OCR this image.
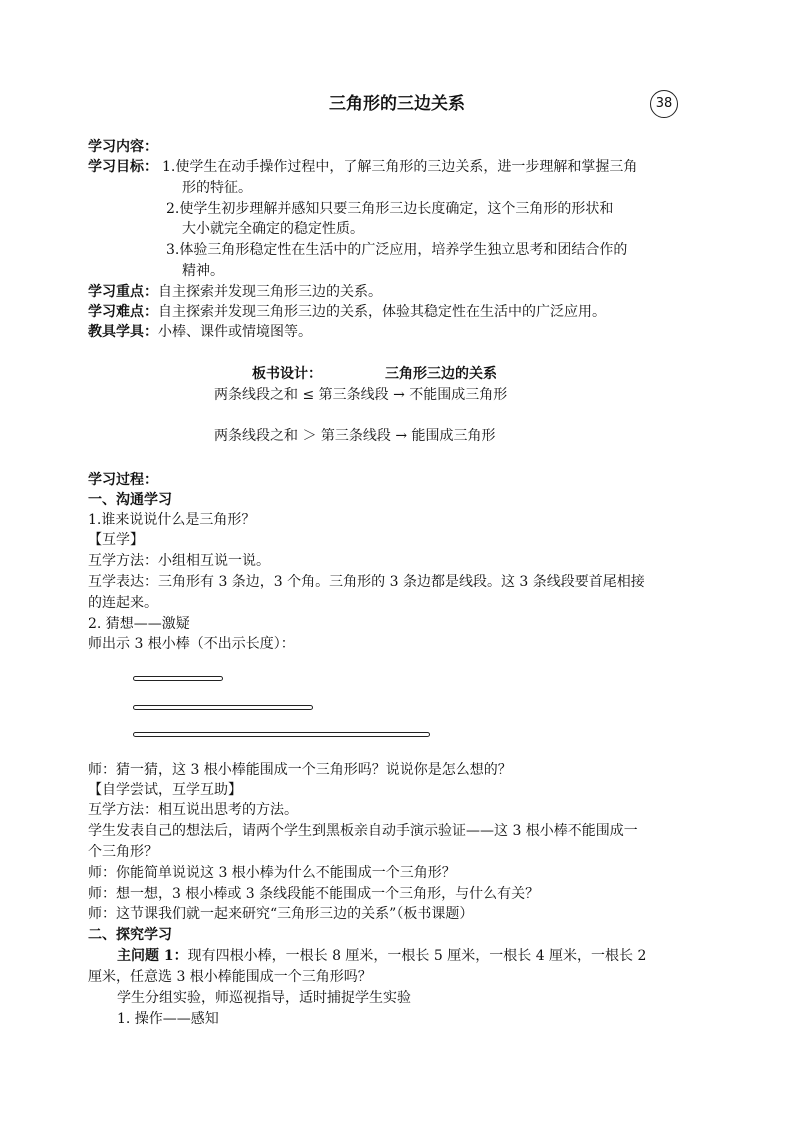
三角形的三边关系	38
学习内容：
学习目标： 1.使学生在动手操作过程中，了解三角形的三边关系，进一步理解和掌握三角
形的特征。
2.使学生初步理解并感知只要三角形三边长度确定，这个三角形的形状和
大小就完全确定的稳定性质。
3.体验三角形稳定性在生活中的广泛应用，培养学生独立思考和团结合作的
精神。
学习重点：自主探索并发现三角形三边的关系。
学习难点：自主探索并发现三角形三边的关系，体验其稳定性在生活中的广泛应用。
教具学具：小棒、课件或情境图等。
板书设计：	三角形三边的关系
两条线段之和 ≤ 第三条线段 → 不能围成三角形
两条线段之和 ＞ 第三条线段 → 能围成三角形
学习过程：
一、沟通学习
1.谁来说说什么是三角形？
【互学】
互学方法：小组相互说一说。
互学表达：三角形有 3 条边，3 个角。三角形的 3 条边都是线段。这 3 条线段要首尾相接
的连起来。
2. 猜想——激疑
师出示 3 根小棒（不出示长度）：
师：猜一猜，这 3 根小棒能围成一个三角形吗？说说你是怎么想的？
【自学尝试，互学互助】
互学方法：相互说出思考的方法。
学生发表自己的想法后，请两个学生到黑板亲自动手演示验证——这 3 根小棒不能围成一
个三角形？
师：你能简单说说这 3 根小棒为什么不能围成一个三角形？
师：想一想，3 根小棒或 3 条线段能不能围成一个三角形，与什么有关？
师：这节课我们就一起来研究“三角形三边的关系”（板书课题）
二、探究学习
主问题 1：现有四根小棒，一根长 8 厘米，一根长 5 厘米，一根长 4 厘米，一根长 2
厘米，任意选 3 根小棒能围成一个三角形吗？
学生分组实验，师巡视指导，适时捕捉学生实验
1. 操作——感知
